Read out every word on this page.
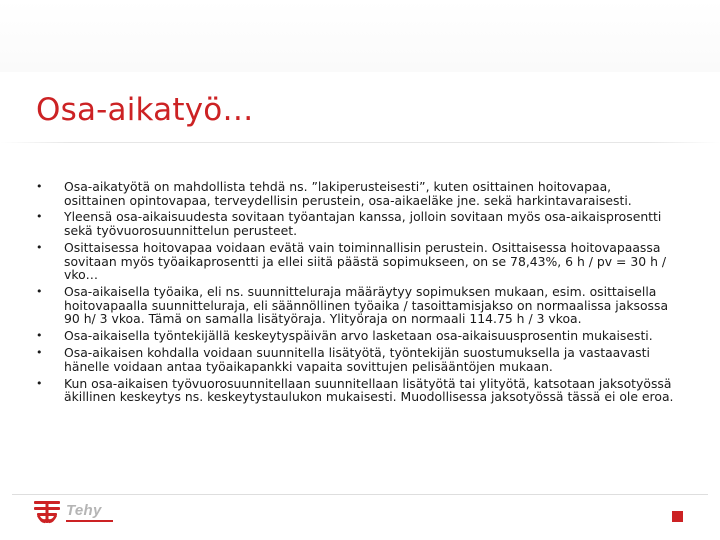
Osa-aikatyö…
• Osa-aikatyötä on mahdollista tehdä ns. ”lakiperusteisesti”, kuten osittainen hoitovapaa, osittainen opintovapaa, terveydellisin perustein, osa-aikaeläke jne. sekä harkintavaraisesti.
• Yleensä osa-aikaisuudesta sovitaan työantajan kanssa, jolloin sovitaan myös osa-aikaisprosentti sekä työvuorosuunnittelun perusteet.
• Osittaisessa hoitovapaa voidaan evätä vain toiminnallisin perustein. Osittaisessa hoitovapaassa sovitaan myös työaikaprosentti ja ellei siitä päästä sopimukseen, on se 78,43%, 6 h / pv = 30 h / vko…
• Osa-aikaisella työaika, eli ns. suunnitteluraja määräytyy sopimuksen mukaan, esim. osittaisella hoitovapaalla suunnitteluraja, eli säännöllinen työaika / tasoittamisjakso on normaalissa jaksossa 90 h/ 3 vkoa. Tämä on samalla lisätyöraja. Ylityöraja on normaali 114.75 h / 3 vkoa.
• Osa-aikaisella työntekijällä keskeytyspäivän arvo lasketaan osa-aikaisuusprosentin mukaisesti.
• Osa-aikaisen kohdalla voidaan suunnitella lisätyötä, työntekijän suostumuksella ja vastaavasti hänelle voidaan antaa työaikapankki vapaita sovittujen pelisääntöjen mukaan.
• Kun osa-aikaisen työvuorosuunnitellaan suunnitellaan lisätyötä tai ylityötä, katsotaan jaksotyössä äkillinen keskeytys ns. keskeytystaulukon mukaisesti. Muodollisessa jaksotyössä tässä ei ole eroa.
Tehy
